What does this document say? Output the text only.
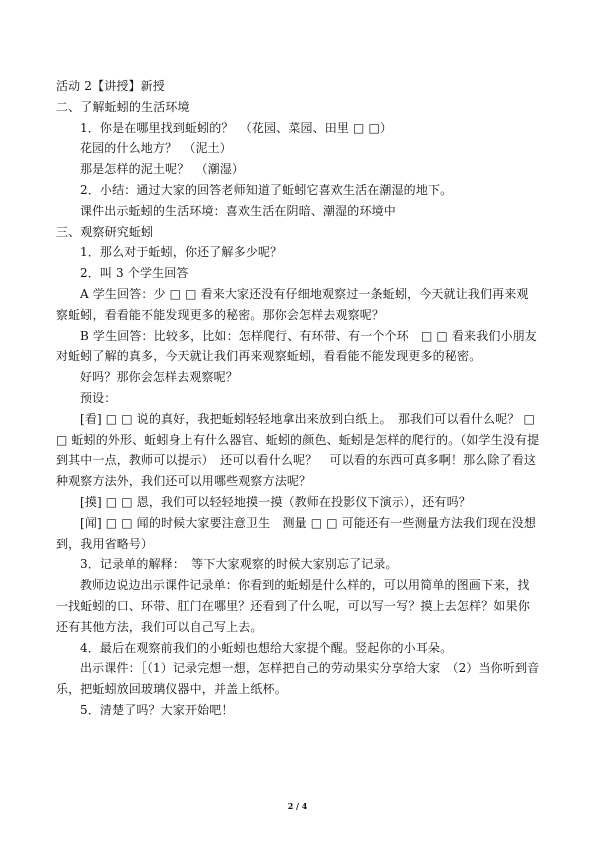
活动 2【讲授】新授

二、了解蚯蚓的生活环境

1．你是在哪里找到蚯蚓的？　（花园、菜园、田里 □ □）

花园的什么地方？　（泥土）

那是怎样的泥土呢？　（潮湿）

2．小结：通过大家的回答老师知道了蚯蚓它喜欢生活在潮湿的地下。

课件出示蚯蚓的生活环境：喜欢生活在阴暗、潮湿的环境中

三、观察研究蚯蚓

1．那么对于蚯蚓，你还了解多少呢？

2．叫 3 个学生回答

A 学生回答：少 □ □ 看来大家还没有仔细地观察过一条蚯蚓，今天就让我们再来观察蚯蚓，看看能不能发现更多的秘密。那你会怎样去观察呢？

B 学生回答：比较多，比如：怎样爬行、有环带、有一个个环　□ □ 看来我们小朋友对蚯蚓了解的真多，今天就让我们再来观察蚯蚓，看看能不能发现更多的秘密。

好吗？那你会怎样去观察呢？

预设：

[看] □ □ 说的真好，我把蚯蚓轻轻地拿出来放到白纸上。　那我们可以看什么呢？ □ □ 蚯蚓的外形、蚯蚓身上有什么器官、蚯蚓的颜色、蚯蚓是怎样的爬行的。（如学生没有提到其中一点，教师可以提示）　还可以看什么呢？　可以看的东西可真多啊！那么除了看这种观察方法外，我们还可以用哪些观察方法呢？

[摸] □ □ 恩，我们可以轻轻地摸一摸（教师在投影仪下演示），还有吗？

[闻] □ □ 闻的时候大家要注意卫生　测量 □ □ 可能还有一些测量方法我们现在没想到，我用省略号）

3．记录单的解释：　等下大家观察的时候大家别忘了记录。

教师边说边出示课件记录单：你看到的蚯蚓是什么样的，可以用简单的图画下来，找一找蚯蚓的口、环带、肛门在哪里？还看到了什么呢，可以写一写？摸上去怎样？如果你还有其他方法，我们可以自己写上去。

4．最后在观察前我们的小蚯蚓也想给大家提个醒。竖起你的小耳朵。

出示课件：［（1）记录完想一想，怎样把自己的劳动果实分享给大家　（2）当你听到音乐，把蚯蚓放回玻璃仪器中，并盖上纸杯。

5．清楚了吗？大家开始吧！

2 / 4
